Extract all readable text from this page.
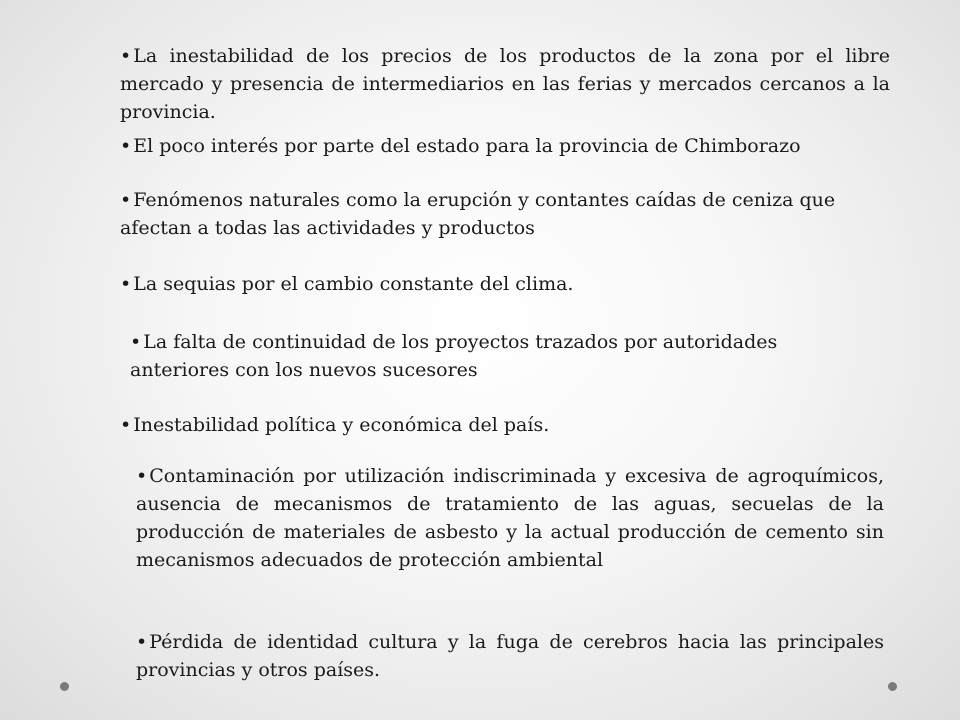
• La inestabilidad de los precios de los productos de la zona por el libre mercado y presencia de intermediarios en las ferias y mercados cercanos a la provincia.

• El poco interés por parte del estado para la provincia de Chimborazo

• Fenómenos naturales como la erupción y contantes caídas de ceniza que afectan a todas las actividades y productos

• La sequias por el cambio constante del clima.

• La falta de continuidad de los proyectos trazados por autoridades anteriores con los nuevos sucesores

• Inestabilidad política y económica del país.

• Contaminación por utilización indiscriminada y excesiva de agroquímicos, ausencia de mecanismos de tratamiento de las aguas, secuelas de la producción de materiales de asbesto y la actual producción de cemento sin mecanismos adecuados de protección ambiental

• Pérdida de identidad cultura y la fuga de cerebros hacia las principales provincias y otros países.
